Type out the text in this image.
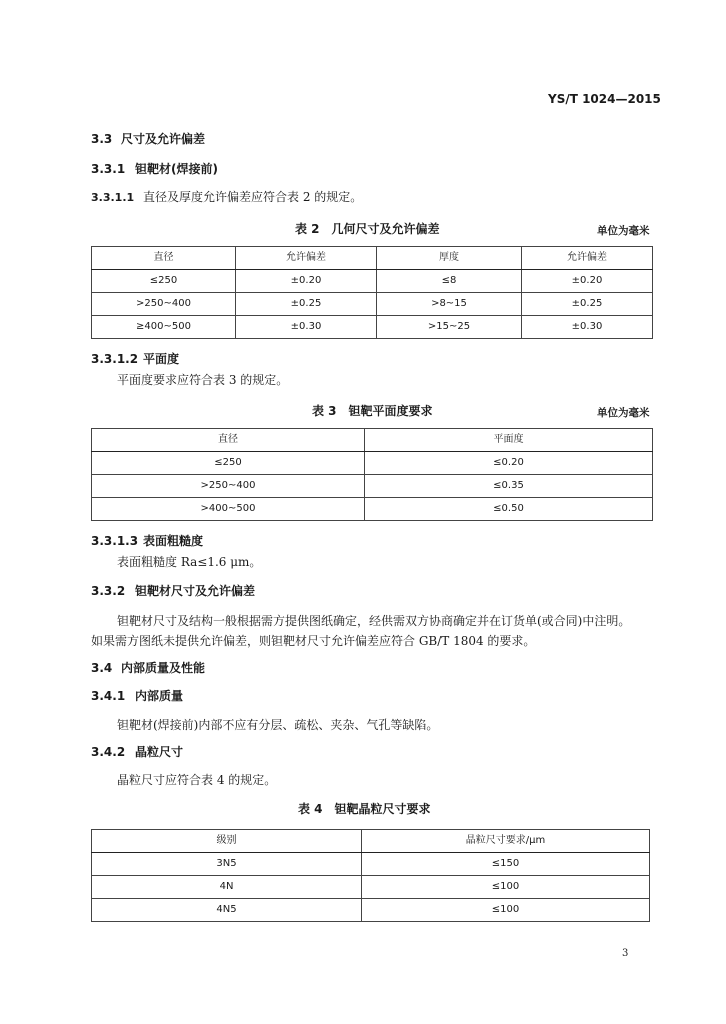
YS/T 1024—2015
3.3 尺寸及允许偏差
3.3.1 钽靶材(焊接前)
3.3.1.1 直径及厚度允许偏差应符合表 2 的规定。
表 2　几何尺寸及允许偏差	单位为毫米
直径	允许偏差	厚度	允许偏差
≤250	±0.20	≤8	±0.20
>250~400	±0.25	>8~15	±0.25
≥400~500	±0.30	>15~25	±0.30
3.3.1.2 平面度
平面度要求应符合表 3 的规定。
表 3　钽靶平面度要求	单位为毫米
直径	平面度
≤250	≤0.20
>250~400	≤0.35
>400~500	≤0.50
3.3.1.3 表面粗糙度
表面粗糙度 Ra≤1.6 μm。
3.3.2 钽靶材尺寸及允许偏差
钽靶材尺寸及结构一般根据需方提供图纸确定，经供需双方协商确定并在订货单(或合同)中注明。
如果需方图纸未提供允许偏差，则钽靶材尺寸允许偏差应符合 GB/T 1804 的要求。
3.4 内部质量及性能
3.4.1 内部质量
钽靶材(焊接前)内部不应有分层、疏松、夹杂、气孔等缺陷。
3.4.2 晶粒尺寸
晶粒尺寸应符合表 4 的规定。
表 4　钽靶晶粒尺寸要求
级别	晶粒尺寸要求/μm
3N5	≤150
4N	≤100
4N5	≤100
3
